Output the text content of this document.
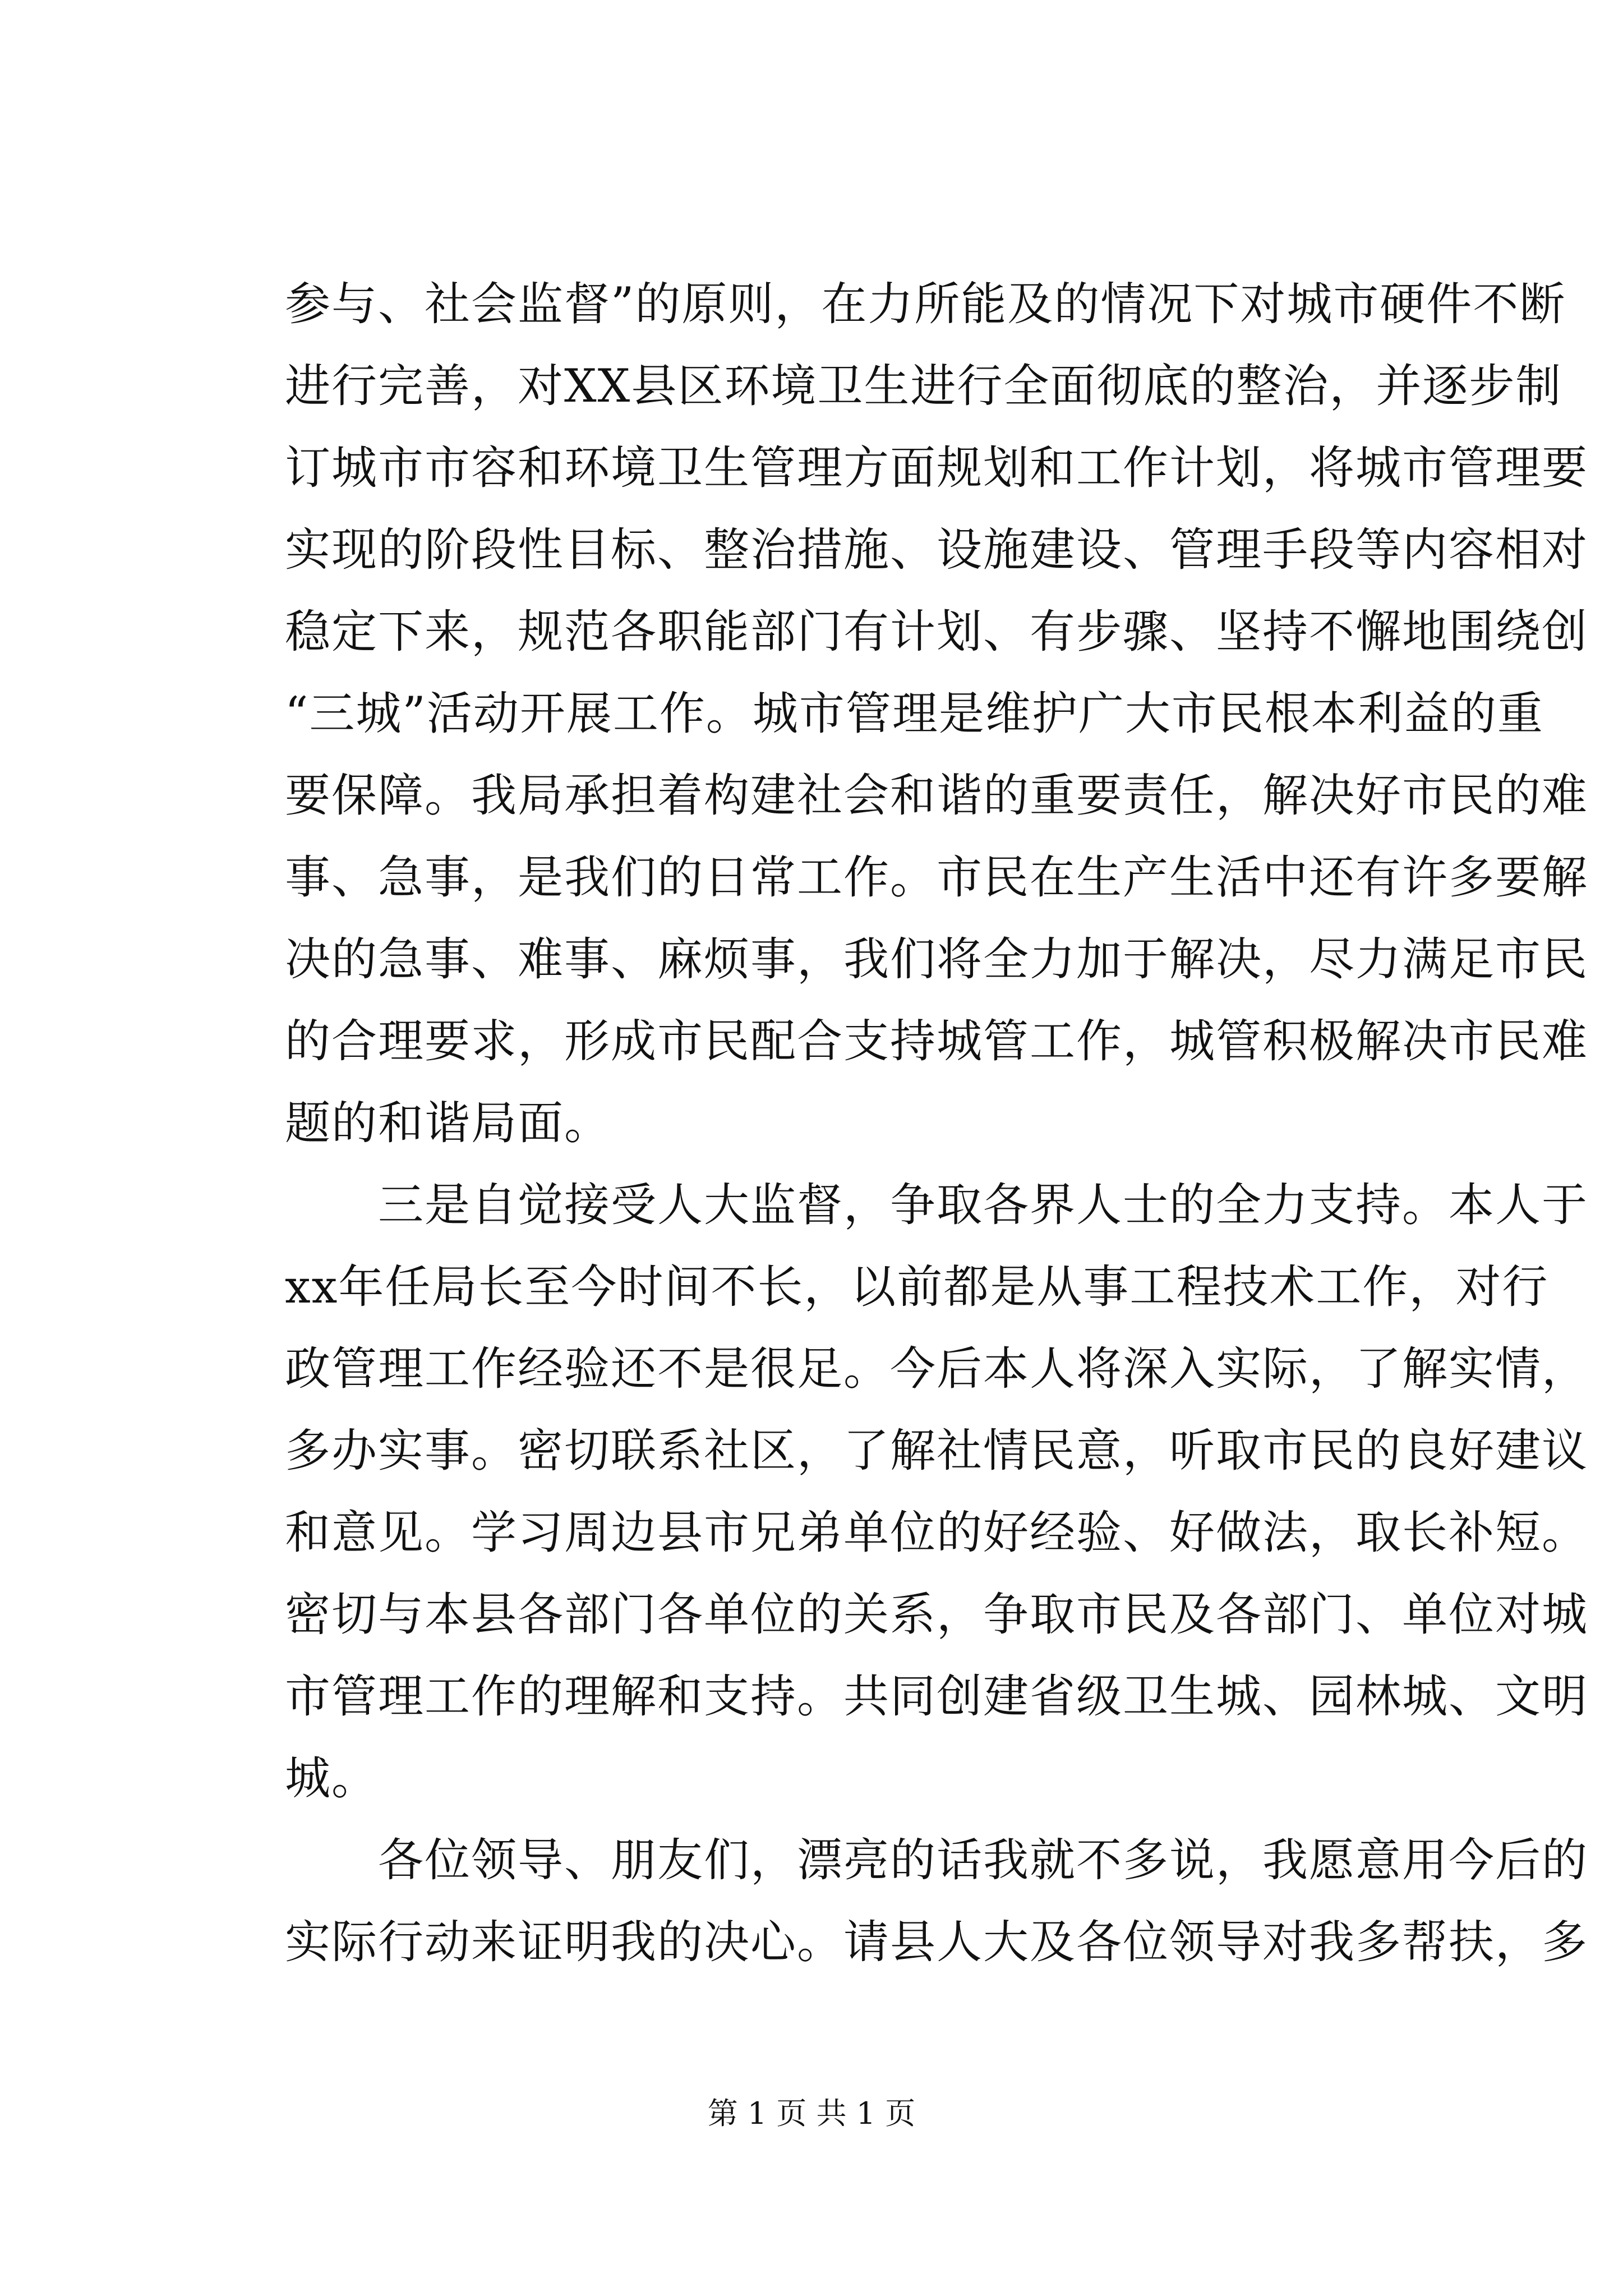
参与、社会监督”的原则，在力所能及的情况下对城市硬件不断
进行完善，对XX县区环境卫生进行全面彻底的整治，并逐步制
订城市市容和环境卫生管理方面规划和工作计划，将城市管理要
实现的阶段性目标、整治措施、设施建设、管理手段等内容相对
稳定下来，规范各职能部门有计划、有步骤、坚持不懈地围绕创
“三城”活动开展工作。城市管理是维护广大市民根本利益的重
要保障。我局承担着构建社会和谐的重要责任，解决好市民的难
事、急事，是我们的日常工作。市民在生产生活中还有许多要解
决的急事、难事、麻烦事，我们将全力加于解决，尽力满足市民
的合理要求，形成市民配合支持城管工作，城管积极解决市民难
题的和谐局面。
　　三是自觉接受人大监督，争取各界人士的全力支持。本人于
xx年任局长至今时间不长，以前都是从事工程技术工作，对行
政管理工作经验还不是很足。今后本人将深入实际，了解实情，
多办实事。密切联系社区，了解社情民意，听取市民的良好建议
和意见。学习周边县市兄弟单位的好经验、好做法，取长补短。
密切与本县各部门各单位的关系，争取市民及各部门、单位对城
市管理工作的理解和支持。共同创建省级卫生城、园林城、文明
城。
　　各位领导、朋友们，漂亮的话我就不多说，我愿意用今后的
实际行动来证明我的决心。请县人大及各位领导对我多帮扶，多
第 1 页 共 1 页
